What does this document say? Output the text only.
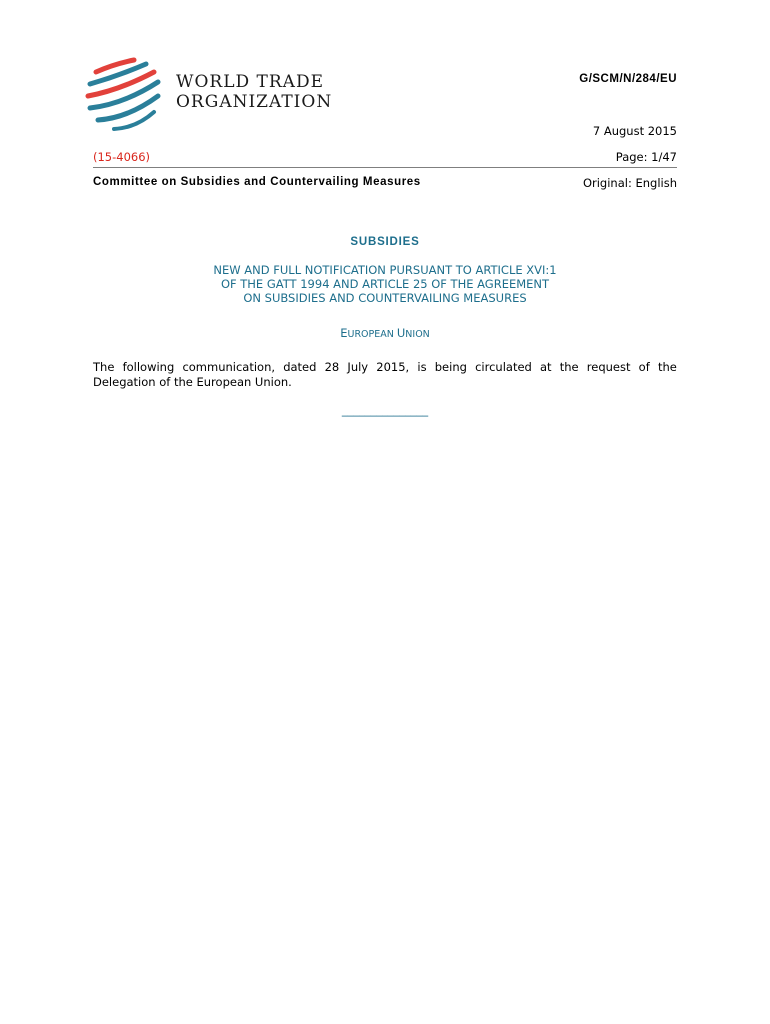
WORLD TRADE
ORGANIZATION
G/SCM/N/284/EU
7 August 2015
(15-4066)	Page: 1/47
Committee on Subsidies and Countervailing Measures	Original: English
SUBSIDIES
NEW AND FULL NOTIFICATION PURSUANT TO ARTICLE XVI:1
OF THE GATT 1994 AND ARTICLE 25 OF THE AGREEMENT
ON SUBSIDIES AND COUNTERVAILING MEASURES
EUROPEAN UNION
The following communication, dated 28 July 2015, is being circulated at the request of the
Delegation of the European Union.
_______________
